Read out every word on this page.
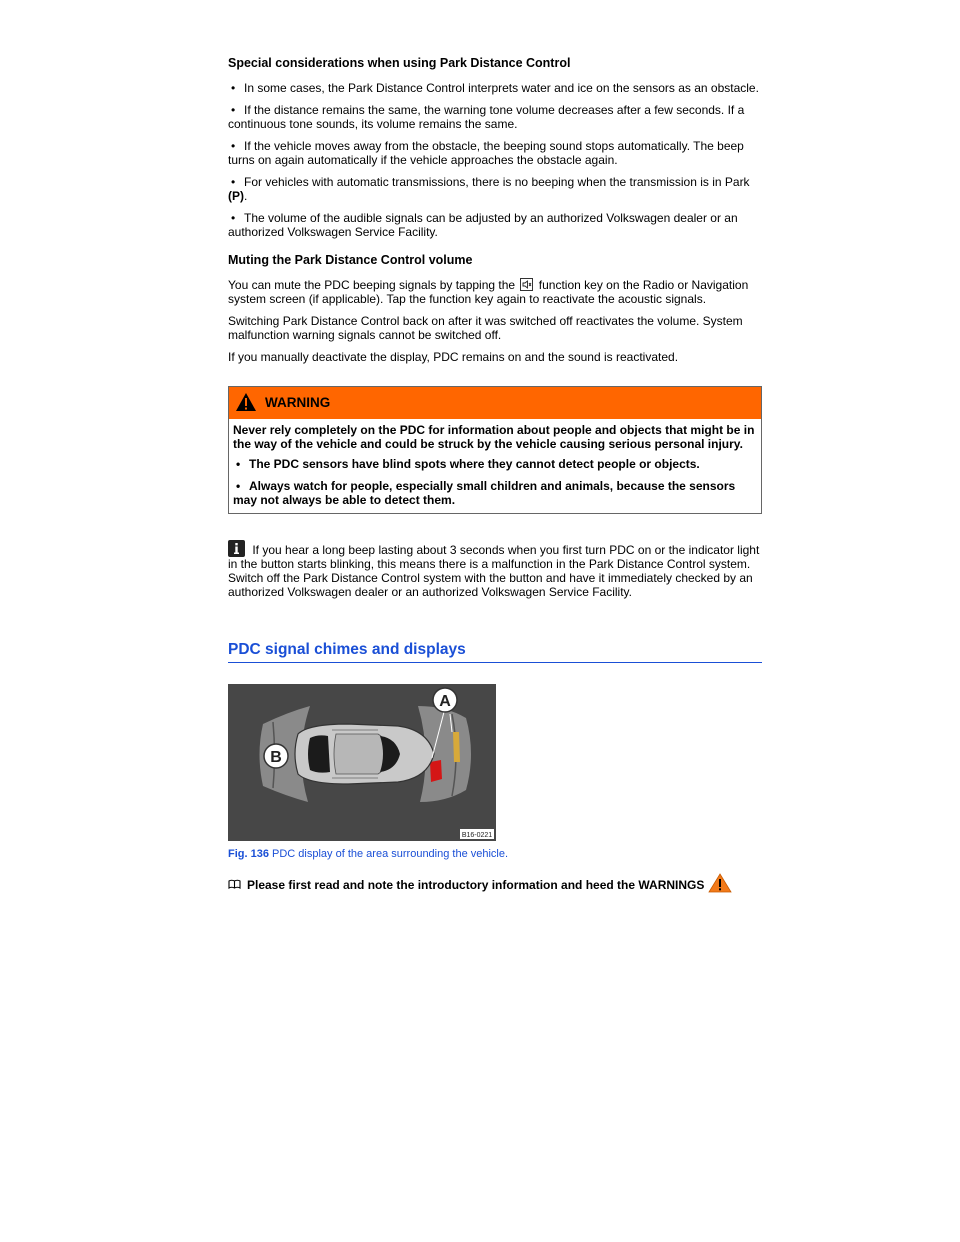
Special considerations when using Park Distance Control
• In some cases, the Park Distance Control interprets water and ice on the sensors as an obstacle.
• If the distance remains the same, the warning tone volume decreases after a few seconds. If a continuous tone sounds, its volume remains the same.
• If the vehicle moves away from the obstacle, the beeping sound stops automatically. The beep turns on again automatically if the vehicle approaches the obstacle again.
• For vehicles with automatic transmissions, there is no beeping when the transmission is in Park
(P).
• The volume of the audible signals can be adjusted by an authorized Volkswagen dealer or an authorized Volkswagen Service Facility.
Muting the Park Distance Control volume

You can mute the PDC beeping signals by tapping the function key on the Radio or Navigation system screen (if applicable). Tap the function key again to reactivate the acoustic signals.

Switching Park Distance Control back on after it was switched off reactivates the volume. System malfunction warning signals cannot be switched off.

If you manually deactivate the display, PDC remains on and the sound is reactivated.

WARNING

Never rely completely on the PDC for information about people and objects that might be in the way of the vehicle and could be struck by the vehicle causing serious personal injury.

• The PDC sensors have blind spots where they cannot detect people or objects.
• Always watch for people, especially small children and animals, because the sensors may not always be able to detect them.

If you hear a long beep lasting about 3 seconds when you first turn PDC on or the indicator light in the button starts blinking, this means there is a malfunction in the Park Distance Control system. Switch off the Park Distance Control system with the button and have it immediately checked by an authorized Volkswagen dealer or an authorized Volkswagen Service Facility.

PDC signal chimes and displays
A
B
B16-0221
Fig. 136 PDC display of the area surrounding the vehicle.
Please first read and note the introductory information and heed the WARNINGS
